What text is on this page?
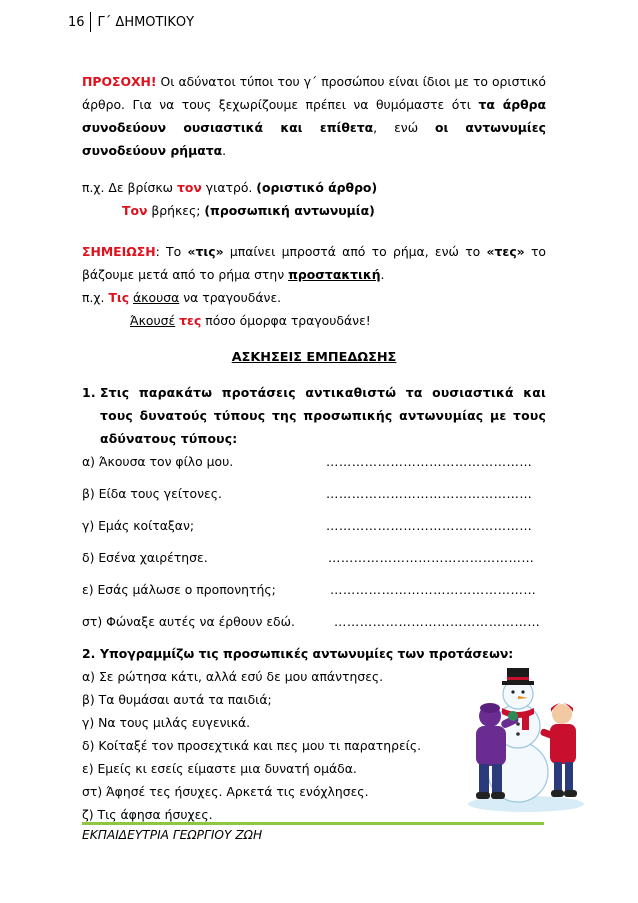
16	Γ΄ ΔΗΜΟΤΙΚΟΥ

ΠΡΟΣΟΧΗ! Οι αδύνατοι τύποι του γ΄ προσώπου είναι ίδιοι με το οριστικό άρθρο. Για να τους ξεχωρίζουμε πρέπει να θυμόμαστε ότι τα άρθρα συνοδεύουν ουσιαστικά και επίθετα, ενώ οι αντωνυμίες συνοδεύουν ρήματα.

π.χ. Δε βρίσκω τον γιατρό. (οριστικό άρθρο)
Τον βρήκες; (προσωπική αντωνυμία)

ΣΗΜΕΙΩΣΗ: Το «τις» μπαίνει μπροστά από το ρήμα, ενώ το «τες» το βάζουμε μετά από το ρήμα στην προστακτική.

π.χ. Τις άκουσα να τραγουδάνε.
Άκουσέ τες πόσο όμορφα τραγουδάνε!
ΑΣΚΗΣΕΙΣ ΕΜΠΕΔΩΣΗΣ
1. Στις παρακάτω προτάσεις αντικαθιστώ τα ουσιαστικά και τους δυνατούς τύπους της προσωπικής αντωνυμίας με τους αδύνατους τύπους:
α) Άκουσα τον φίλο μου.	…………………………………………
β) Είδα τους γείτονες.	…………………………………………
γ) Εμάς κοίταξαν;	…………………………………………
δ) Εσένα χαιρέτησε.	…………………………………………
ε) Εσάς μάλωσε ο προπονητής;	…………………………………………
στ) Φώναξε αυτές να έρθουν εδώ.	…………………………………………
2. Υπογραμμίζω τις προσωπικές αντωνυμίες των προτάσεων:
α) Σε ρώτησα κάτι, αλλά εσύ δε μου απάντησες.
β) Τα θυμάσαι αυτά τα παιδιά;
γ) Να τους μιλάς ευγενικά.
δ) Κοίταξέ τον προσεχτικά και πες μου τι παρατηρείς.
ε) Εμείς κι εσείς είμαστε μια δυνατή ομάδα.
στ) Άφησέ τες ήσυχες. Αρκετά τις ενόχλησες.
ζ) Τις άφησα ήσυχες.
ΕΚΠΑΙΔΕΥΤΡΙΑ ΓΕΩΡΓΙΟΥ ΖΩΗ
